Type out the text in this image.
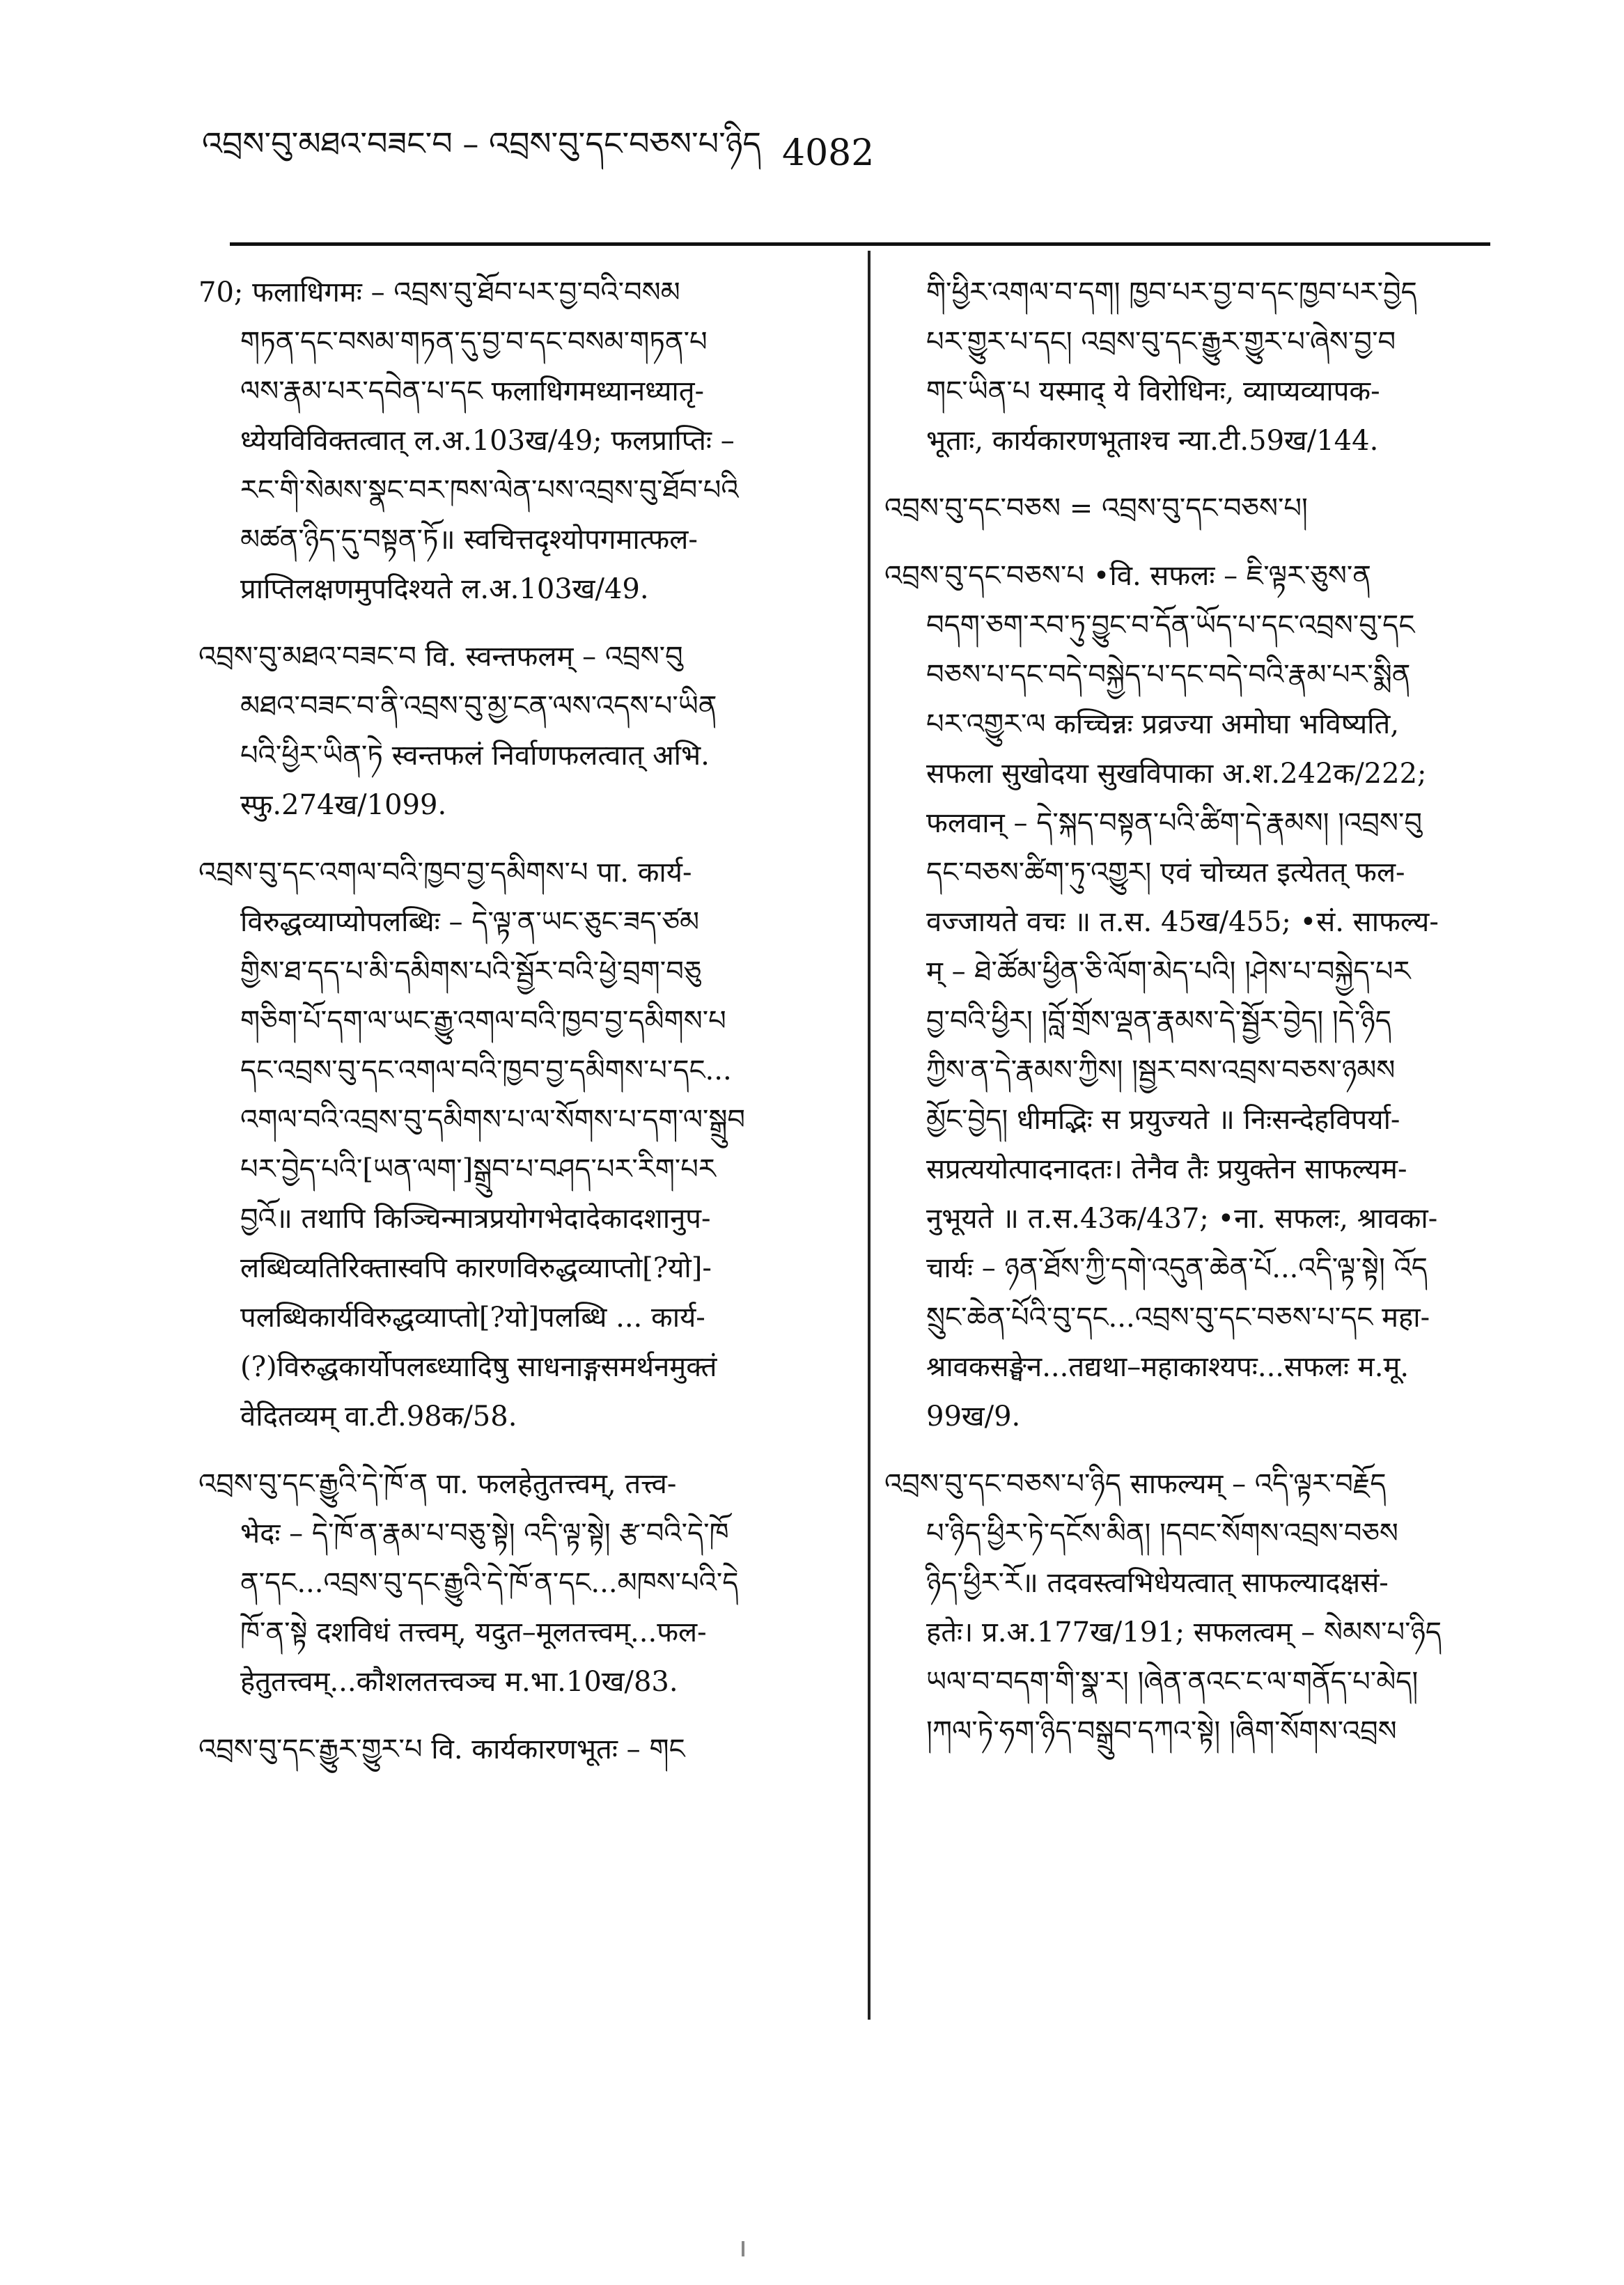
འབྲས་བུ་མཐའ་བཟང་བ – འབྲས་བུ་དང་བཅས་པ་ཉིད 4082
70; फलाधिगमः – འབྲས་བུ་ཐོབ་པར་བྱ་བའི་བསམ
གཏན་དང་བསམ་གཏན་དུ་བྱ་བ་དང་བསམ་གཏན་པ
ལས་རྣམ་པར་དབེན་པ་དང फलाधिगमध्यानध्यातृ-
ध्येयविविक्तत्वात् ल.अ.103ख/49; फलप्राप्तिः –
རང་གི་སེམས་སྣང་བར་ཁས་ལེན་པས་འབྲས་བུ་ཐོབ་པའི
མཚན་ཉིད་དུ་བསྟན་ཏོ॥ स्वचित्तदृश्योपगमात्फल-
प्राप्तिलक्षणमुपदिश्यते ल.अ.103ख/49.
འབྲས་བུ་མཐའ་བཟང་བ वि. स्वन्तफलम् – འབྲས་བུ
མཐའ་བཟང་བ་ནི་འབྲས་བུ་མྱ་ངན་ལས་འདས་པ་ཡིན
པའི་ཕྱིར་ཡིན་ཏེ स्वन्तफलं निर्वाणफलत्वात् अभि.
स्फु.274ख/1099.
འབྲས་བུ་དང་འགལ་བའི་ཁྱབ་བྱ་དམིགས་པ पा. कार्य-
विरुद्धव्याप्योपलब्धिः – དེ་ལྟ་ན་ཡང་ཅུང་ཟད་ཙམ
གྱིས་ཐ་དད་པ་མི་དམིགས་པའི་སྦྱོར་བའི་ཕྱེ་བྲག་བཅུ
གཅིག་པོ་དག་ལ་ཡང་རྒྱུ་འགལ་བའི་ཁྱབ་བྱ་དམིགས་པ
དང་འབྲས་བུ་དང་འགལ་བའི་ཁྱབ་བྱ་དམིགས་པ་དང...
འགལ་བའི་འབྲས་བུ་དམིགས་པ་ལ་སོགས་པ་དག་ལ་སྒྲུབ
པར་བྱེད་པའི་[ཡན་ལག་]སྒྲུབ་པ་བཤད་པར་རིག་པར
བྱའོ॥ तथापि किञ्चिन्मात्रप्रयोगभेदादेकादशानुप-
लब्धिव्यतिरिक्तास्वपि कारणविरुद्धव्याप्तो[?यो]-
पलब्धिकार्यविरुद्धव्याप्तो[?यो]पलब्धि ... कार्य-
(?)विरुद्धकार्योपलब्ध्यादिषु साधनाङ्गसमर्थनमुक्तं
वेदितव्यम् वा.टी.98क/58.
འབྲས་བུ་དང་རྒྱུའི་དེ་ཁོ་ན पा. फलहेतुतत्त्वम्, तत्त्व-
भेदः – དེ་ཁོ་ན་རྣམ་པ་བཅུ་སྟེ། འདི་ལྟ་སྟེ། རྩ་བའི་དེ་ཁོ
ན་དང...འབྲས་བུ་དང་རྒྱུའི་དེ་ཁོ་ན་དང...མཁས་པའི་དེ
ཁོ་ན་སྟེ दशविधं तत्त्वम्, यदुत–मूलतत्त्वम्...फल-
हेतुतत्त्वम्...कौशलतत्त्वञ्च म.भा.10ख/83.
འབྲས་བུ་དང་རྒྱུར་གྱུར་པ वि. कार्यकारणभूतः – གང
གི་ཕྱིར་འགལ་བ་དག། ཁྱབ་པར་བྱ་བ་དང་ཁྱབ་པར་བྱེད
པར་གྱུར་པ་དང། འབྲས་བུ་དང་རྒྱུར་གྱུར་པ་ཞེས་བྱ་བ
གང་ཡིན་པ यस्माद् ये विरोधिनः, व्याप्यव्यापक-
भूताः, कार्यकारणभूताश्च न्या.टी.59ख/144.
འབྲས་བུ་དང་བཅས = འབྲས་བུ་དང་བཅས་པ།
འབྲས་བུ་དང་བཅས་པ •वि. सफलः – ཇི་ལྟར་ཅུས་ན
བདག་ཅག་རབ་ཏུ་བྱུང་བ་དོན་ཡོད་པ་དང་འབྲས་བུ་དང
བཅས་པ་དང་བདེ་བསྐྱེད་པ་དང་བདེ་བའི་རྣམ་པར་སྨིན
པར་འགྱུར་ལ कच्चिन्नः प्रव्रज्या अमोघा भविष्यति,
सफला सुखोदया सुखविपाका अ.श.242क/222;
फलवान् – དེ་སྐད་བསྟན་པའི་ཚིག་དེ་རྣམས། །འབྲས་བུ
དང་བཅས་ཚིག་ཏུ་འགྱུར། एवं चोच्यत इत्येतत् फल-
वज्जायते वचः ॥ त.स. 45ख/455; •सं. साफल्य-
म् – ཐེ་ཚོམ་ཕྱིན་ཅི་ལོག་མེད་པའི། །ཤེས་པ་བསྐྱེད་པར
བྱ་བའི་ཕྱིར། །བློ་གྲོས་ལྡན་རྣམས་དེ་སྦྱོར་བྱེད། །དེ་ཉིད
ཀྱིས་ན་དེ་རྣམས་ཀྱིས། །སྦྱར་བས་འབྲས་བཅས་ཉམས
མྱོང་བྱེད། धीमद्भिः स प्रयुज्यते ॥ निःसन्देहविपर्या-
सप्रत्ययोत्पादनादतः। तेनैव तैः प्रयुक्तेन साफल्यम-
नुभूयते ॥ त.स.43क/437; •ना. सफलः, श्रावका-
चार्यः – ཉན་ཐོས་ཀྱི་དགེ་འདུན་ཆེན་པོ...འདི་ལྟ་སྟེ། འོད
སྲུང་ཆེན་པོའི་བུ་དང...འབྲས་བུ་དང་བཅས་པ་དང महा-
श्रावकसङ्घेन...तद्यथा–महाकाश्यपः...सफलः म.मू.
99ख/9.
འབྲས་བུ་དང་བཅས་པ་ཉིད साफल्यम् – འདི་ལྟར་བརྗོད
པ་ཉིད་ཕྱིར་ཏེ་དངོས་མིན། །དབང་སོགས་འབྲས་བཅས
ཉིད་ཕྱིར་རོ॥ तदवस्त्वभिधेयत्वात् साफल्यादक्षसं-
हतेः। प्र.अ.177ख/191; सफलत्वम् – སེམས་པ་ཉིད
ཡལ་བ་བདག་གི་སྣ་ར། །ཞེན་ནའང་ང་ལ་གནོད་པ་མེད།
།ཀལ་ཏེ་ཧག་ཉིད་བསྒྲུབ་དཀའ་སྟེ། །ཞིག་སོགས་འབྲས
